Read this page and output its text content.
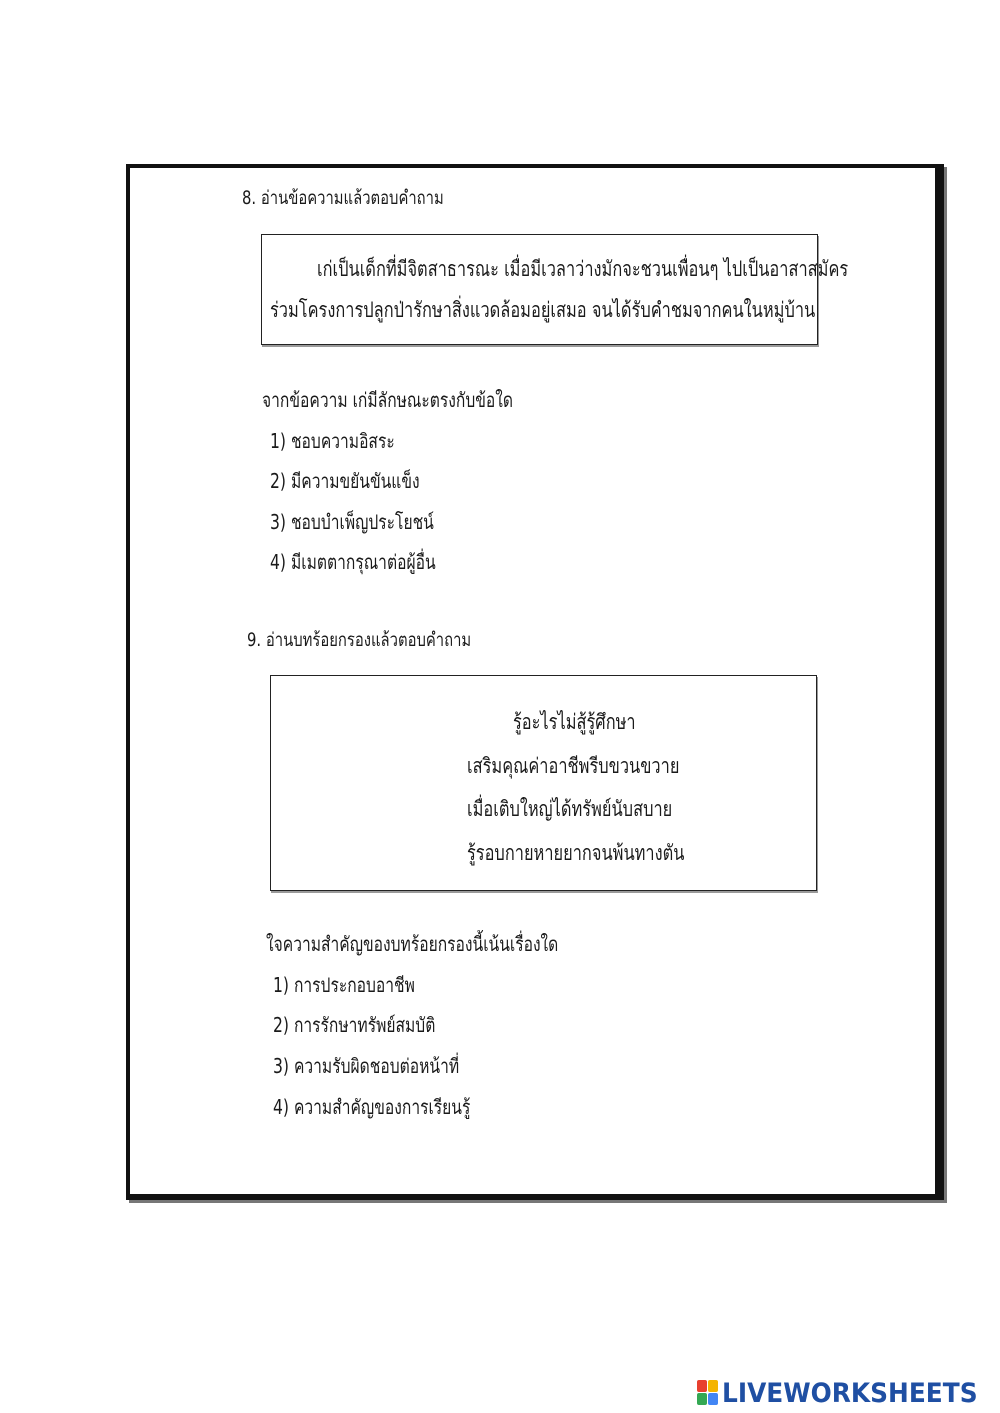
8. อ่านข้อความแล้วตอบคำถาม
เก่เป็นเด็กที่มีจิตสาธารณะ เมื่อมีเวลาว่างมักจะชวนเพื่อนๆ ไปเป็นอาสาสมัคร
ร่วมโครงการปลูกป่ารักษาสิ่งแวดล้อมอยู่เสมอ จนได้รับคำชมจากคนในหมู่บ้าน
จากข้อความ เก่มีลักษณะตรงกับข้อใด
1) ชอบความอิสระ
2) มีความขยันขันแข็ง
3) ชอบบำเพ็ญประโยชน์
4) มีเมตตากรุณาต่อผู้อื่น
9. อ่านบทร้อยกรองแล้วตอบคำถาม
รู้อะไรไม่สู้รู้ศึกษา
เสริมคุณค่าอาชีพรีบขวนขวาย
เมื่อเติบใหญ่ได้ทรัพย์นับสบาย
รู้รอบกายหายยากจนพ้นทางตัน
ใจความสำคัญของบทร้อยกรองนี้เน้นเรื่องใด
1) การประกอบอาชีพ
2) การรักษาทรัพย์สมบัติ
3) ความรับผิดชอบต่อหน้าที่
4) ความสำคัญของการเรียนรู้
LIVEWORKSHEETS
